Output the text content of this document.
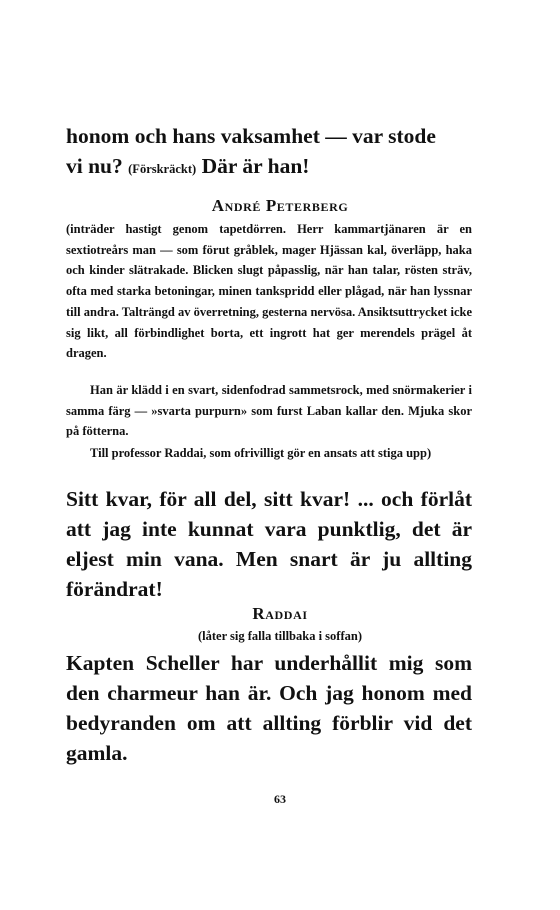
honom och hans vaksamhet — var stode
vi nu? (Förskräckt) Där är han!

André Peterberg

(inträder hastigt genom tapetdörren. Herr kammartjänaren är en sextiotreårs man — som förut gråblek, mager Hjässan kal, överläpp, haka och kinder slätrakade. Blicken slugt påpasslig, när han talar, rösten sträv, ofta med starka betoningar, minen tankspridd eller plågad, när han lyssnar till andra. Talträngd av överretning, gesterna nervösa. Ansiktsuttrycket icke sig likt, all förbindlighet borta, ett ingrott hat ger merendels prägel åt dragen.

Han är klädd i en svart, sidenfodrad sammetsrock, med snörmakerier i samma färg — »svarta purpurn» som furst Laban kallar den. Mjuka skor på fötterna.

Till professor Raddai, som ofrivilligt gör en ansats att stiga upp)

Sitt kvar, för all del, sitt kvar! ... och förlåt att jag inte kunnat vara punktlig, det är eljest min vana. Men snart är ju allting förändrat!

Raddai

(låter sig falla tillbaka i soffan)

Kapten Scheller har underhållit mig som den charmeur han är. Och jag honom med bedyranden om att allting förblir vid det gamla.

63
